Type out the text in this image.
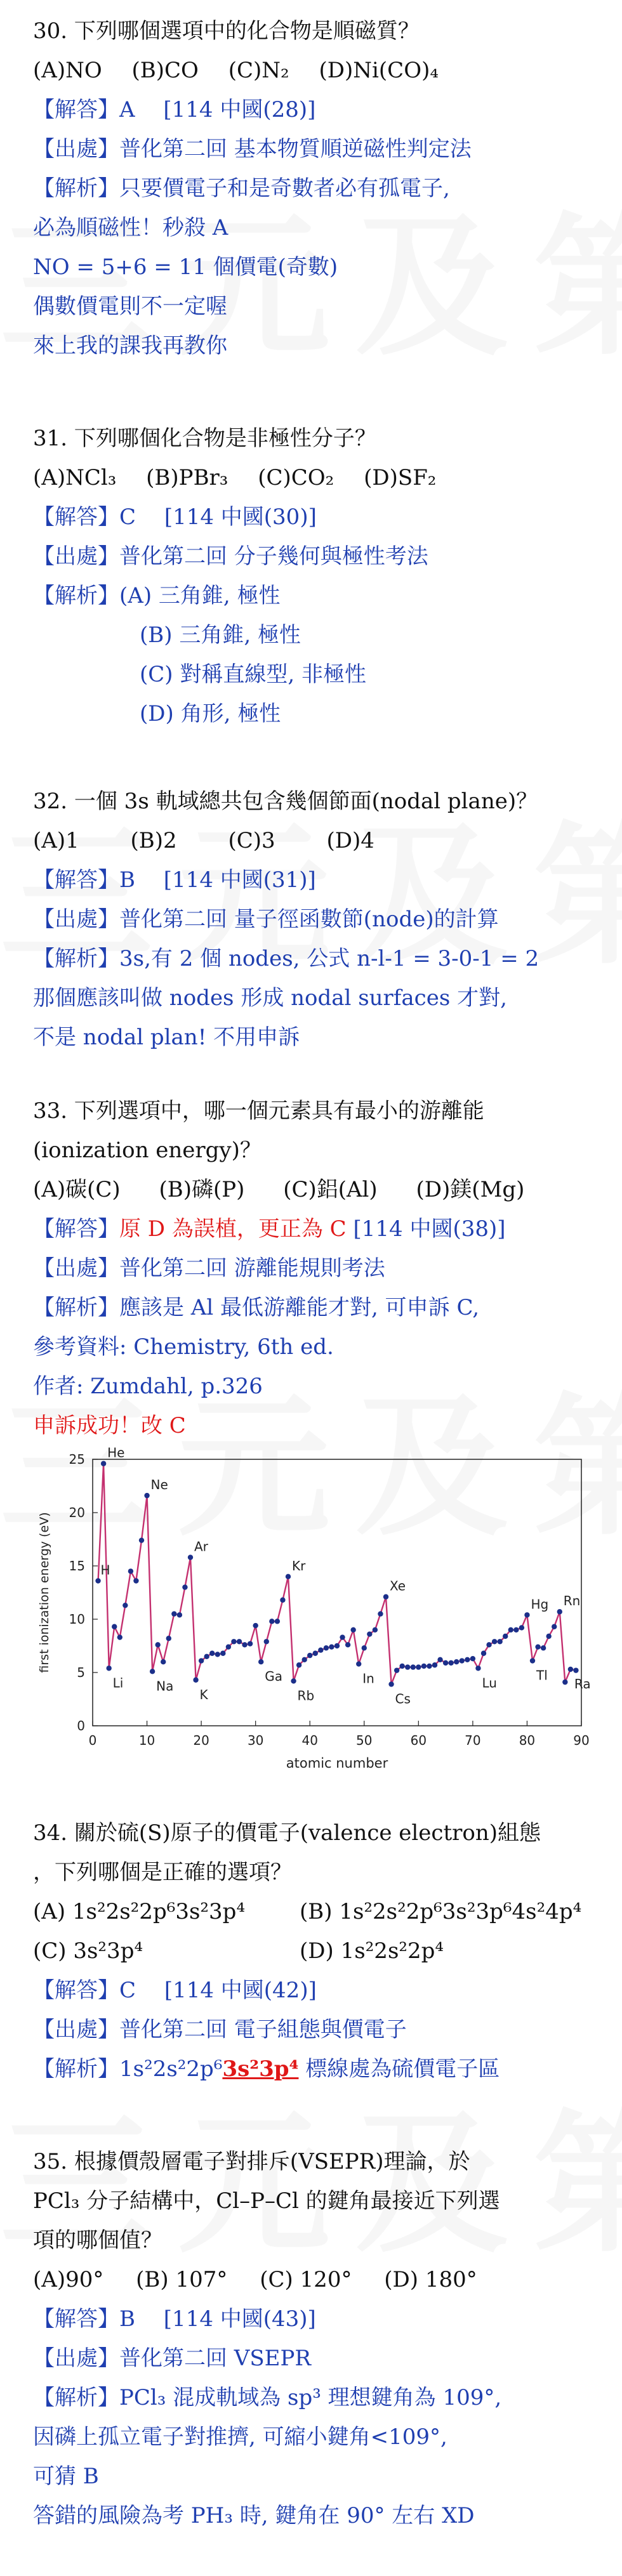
30. 下列哪個選項中的化合物是順磁質？
(A)NO (B)CO (C)N₂ (D)Ni(CO)₄
【解答】A　 [114 中國(28)]
【出處】普化第二回 基本物質順逆磁性判定法
【解析】只要價電子和是奇數者必有孤電子,
必為順磁性！秒殺 A
NO = 5+6 = 11 個價電(奇數)
偶數價電則不一定喔
來上我的課我再教你
31. 下列哪個化合物是非極性分子？
(A)NCl₃ (B)PBr₃ (C)CO₂ (D)SF₂
【解答】C　 [114 中國(30)]
【出處】普化第二回 分子幾何與極性考法
【解析】(A) 三角錐, 極性
(B) 三角錐, 極性
(C) 對稱直線型, 非極性
(D) 角形, 極性
32. 一個 3s 軌域總共包含幾個節面(nodal plane)？
(A)1 (B)2 (C)3 (D)4
【解答】B　 [114 中國(31)]
【出處】普化第二回 量子徑函數節(node)的計算
【解析】3s,有 2 個 nodes, 公式 n-l-1 = 3-0-1 = 2
那個應該叫做 nodes 形成 nodal surfaces 才對,
不是 nodal plan! 不用申訴
33. 下列選項中，哪一個元素具有最小的游離能
(ionization energy)？
(A)碳(C) (B)磷(P) (C)鋁(Al) (D)鎂(Mg)
【解答】原 D 為誤植，更正為 C [114 中國(38)]
【出處】普化第二回 游離能規則考法
【解析】應該是 Al 最低游離能才對, 可申訴 C,
參考資料: Chemistry, 6th ed.
作者: Zumdahl, p.326
申訴成功！改 C
0	10	20	30	40	50	60	70	80	90
0
5
10
15
20
25
atomic number
first ionization energy (eV)
He
Ne
Ar
Kr
Xe
Rn
Hg
H
Li	Na
K
Ga
Rb
In
Cs
Lu	Tl
Ra
34. 關於硫(S)原子的價電子(valence electron)組態
，下列哪個是正確的選項？
(A) 1s²2s²2p⁶3s²3p⁴	(B) 1s²2s²2p⁶3s²3p⁶4s²4p⁴
(C) 3s²3p⁴	(D) 1s²2s²2p⁴
【解答】C　 [114 中國(42)]
【出處】普化第二回 電子組態與價電子
【解析】1s²2s²2p⁶3s²3p⁴ 標線處為硫價電子區
35. 根據價殼層電子對排斥(VSEPR)理論，於
PCl₃ 分子結構中，Cl–P–Cl 的鍵角最接近下列選
項的哪個值？
(A)90° (B) 107° (C) 120° (D) 180°
【解答】B　 [114 中國(43)]
【出處】普化第二回 VSEPR
【解析】PCl₃ 混成軌域為 sp³ 理想鍵角為 109°,
因磷上孤立電子對推擠, 可縮小鍵角<109°,
可猜 B
答錯的風險為考 PH₃ 時, 鍵角在 90° 左右 XD
